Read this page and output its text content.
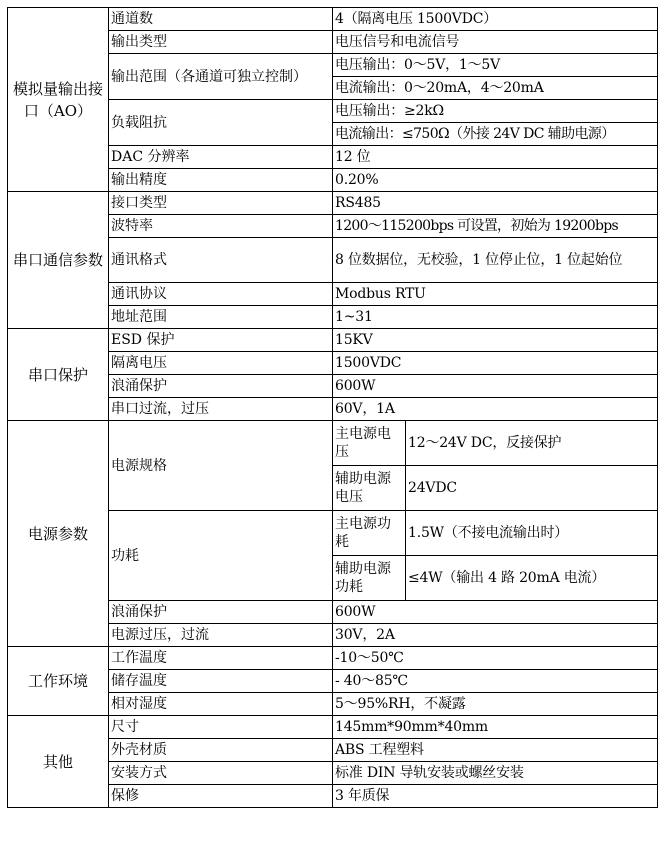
模拟量输出接口（AO）	通道数	4（隔离电压 1500VDC）	
	输出类型	电压信号和电流信号	
	输出范围（各通道可独立控制）	电压输出：0～5V，1～5V	
		电流输出：0～20mA，4～20mA	
	负载阻抗	电压输出：≥2kΩ	
		电流输出：≤750Ω（外接 24V DC 辅助电源）	
	DAC 分辨率	12 位	
	输出精度	0.20%	
串口通信参数	接口类型	RS485	
	波特率	1200～115200bps 可设置，初始为 19200bps	
	通讯格式	8 位数据位，无校验，1 位停止位，1 位起始位	
	通讯协议	Modbus RTU	
	地址范围	1~31	
串口保护	ESD 保护	15KV	
	隔离电压	1500VDC	
	浪涌保护	600W	
	串口过流，过压	60V，1A	
电源参数	电源规格	主电源电压	12～24V DC，反接保护
		辅助电源电压	24VDC
	功耗	主电源功耗	1.5W（不接电流输出时）
		辅助电源功耗	≤4W（输出 4 路 20mA 电流）
	浪涌保护	600W	
	电源过压，过流	30V，2A	
工作环境	工作温度	-10～50℃	
	储存温度	- 40～85℃	
	相对湿度	5～95%RH，不凝露	
其他	尺寸	145mm*90mm*40mm	
	外壳材质	ABS 工程塑料	
	安装方式	标准 DIN 导轨安装或螺丝安装	
	保修	3 年质保	
